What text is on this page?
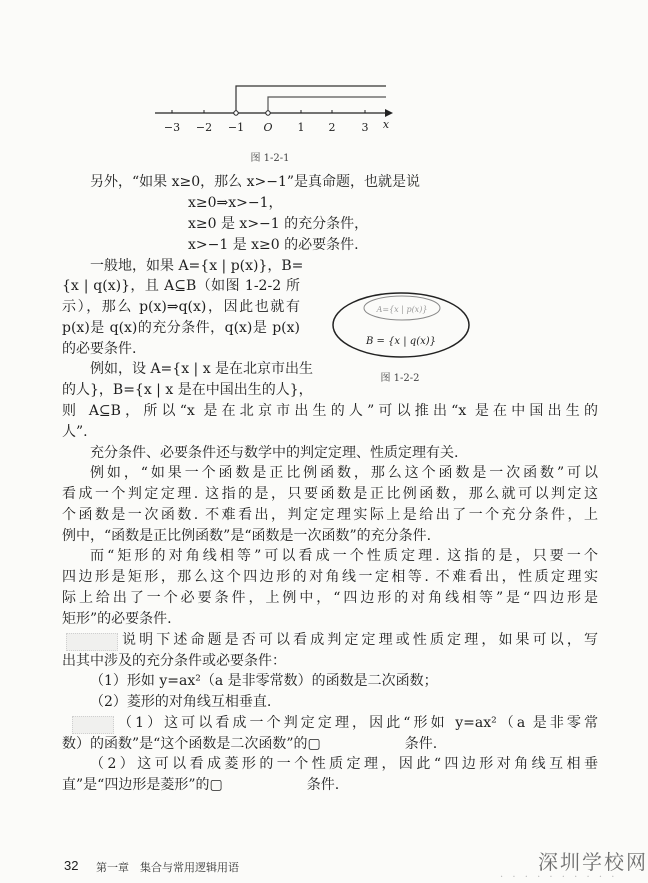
−3 −2 −1 O 1 2 3 x
图 1-2-1
A={x | p(x)}
B = {x | q(x)}
图 1-2-2
另外，“如果 x≥0，那么 x>−1”是真命题，也就是说
x≥0⇒x>−1，
x≥0 是 x>−1 的充分条件，
x>−1 是 x≥0 的必要条件.
一般地，如果 A={x | p(x)}，B=
{x | q(x)}，且 A⊆B（如图 1-2-2 所
示），那么 p(x)⇒q(x)，因此也就有
p(x)是 q(x)的充分条件，q(x)是 p(x)
的必要条件.
例如，设 A={x | x 是在北京市出生
的人}，B={x | x 是在中国出生的人}，
则 A⊆B，所以“x 是在北京市出生的人”可以推出“x 是在中国出生的
人”.
充分条件、必要条件还与数学中的判定定理、性质定理有关.
例如，“如果一个函数是正比例函数，那么这个函数是一次函数”可以
看成一个判定定理. 这指的是，只要函数是正比例函数，那么就可以判定这
个函数是一次函数. 不难看出，判定定理实际上是给出了一个充分条件，上
例中，“函数是正比例函数”是“函数是一次函数”的充分条件.
而“矩形的对角线相等”可以看成一个性质定理. 这指的是，只要一个
四边形是矩形，那么这个四边形的对角线一定相等. 不难看出，性质定理实
际上给出了一个必要条件，上例中，“四边形的对角线相等”是“四边形是
矩形”的必要条件.
说明下述命题是否可以看成判定定理或性质定理，如果可以，写
出其中涉及的充分条件或必要条件：
（1）形如 y=ax²（a 是非零常数）的函数是二次函数；
（2）菱形的对角线互相垂直.
（1）这可以看成一个判定定理，因此“形如 y=ax²（a 是非零常
数）的函数”是“这个函数是二次函数”的▢　　　　　　条件.
（2）这可以看成菱形的一个性质定理，因此“四边形对角线互相垂
直”是“四边形是菱形”的▢　　　　　　条件.
32 第一章　集合与常用逻辑用语	深圳学校网
· · · · · · · · · ·
